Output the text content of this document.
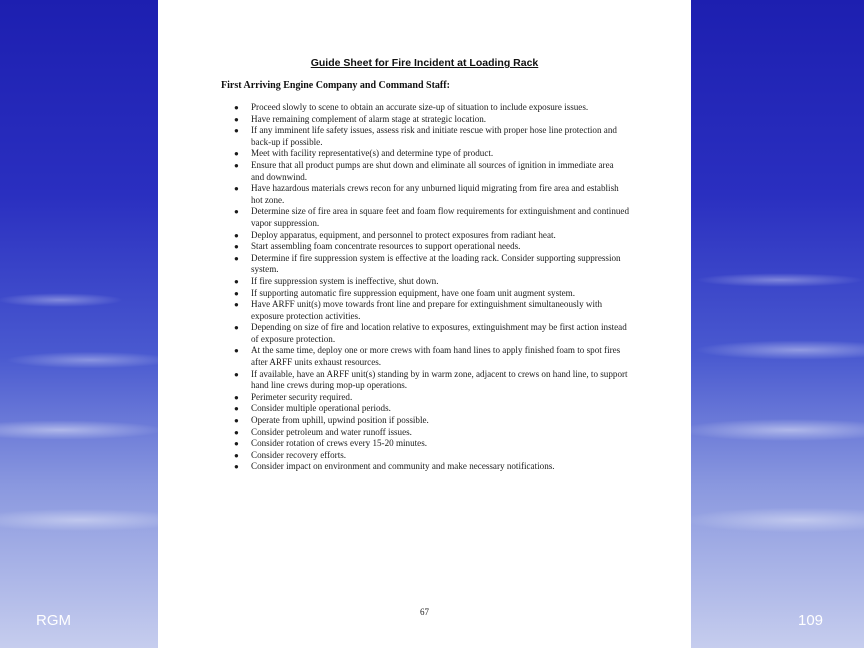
Guide Sheet for Fire Incident at Loading Rack
First Arriving Engine Company and Command Staff:
● Proceed slowly to scene to obtain an accurate size-up of situation to include exposure issues.
● Have remaining complement of alarm stage at strategic location.
● If any imminent life safety issues, assess risk and initiate rescue with proper hose line protection and back-up if possible.
● Meet with facility representative(s) and determine type of product.
● Ensure that all product pumps are shut down and eliminate all sources of ignition in immediate area and downwind.
● Have hazardous materials crews recon for any unburned liquid migrating from fire area and establish hot zone.
● Determine size of fire area in square feet and foam flow requirements for extinguishment and continued vapor suppression.
● Deploy apparatus, equipment, and personnel to protect exposures from radiant heat.
● Start assembling foam concentrate resources to support operational needs.
● Determine if fire suppression system is effective at the loading rack. Consider supporting suppression system.
● If fire suppression system is ineffective, shut down.
● If supporting automatic fire suppression equipment, have one foam unit augment system.
● Have ARFF unit(s) move towards front line and prepare for extinguishment simultaneously with exposure protection activities.
● Depending on size of fire and location relative to exposures, extinguishment may be first action instead of exposure protection.
● At the same time, deploy one or more crews with foam hand lines to apply finished foam to spot fires after ARFF units exhaust resources.
● If available, have an ARFF unit(s) standing by in warm zone, adjacent to crews on hand line, to support hand line crews during mop-up operations.
● Perimeter security required.
● Consider multiple operational periods.
● Operate from uphill, upwind position if possible.
● Consider petroleum and water runoff issues.
● Consider rotation of crews every 15-20 minutes.
● Consider recovery efforts.
● Consider impact on environment and community and make necessary notifications.
67
RGM	109
